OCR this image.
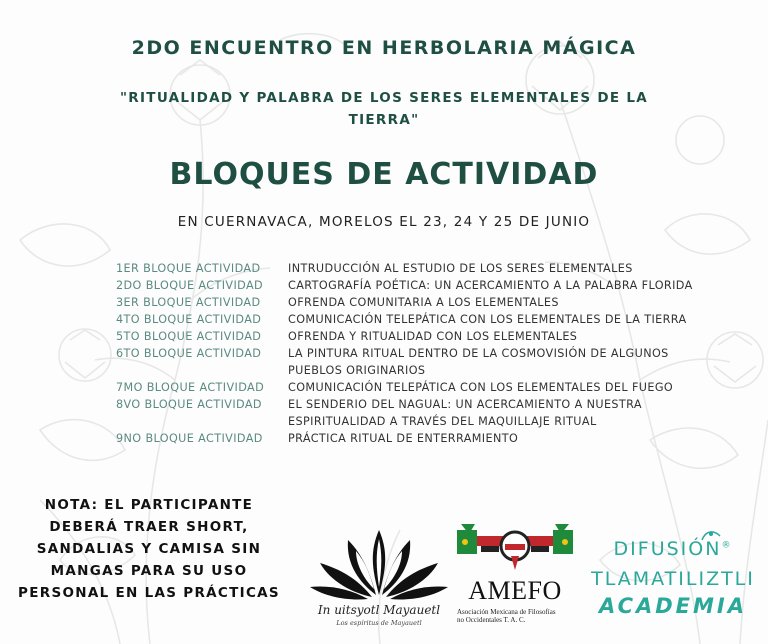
2DO ENCUENTRO EN HERBOLARIA MÁGICA
"RITUALIDAD Y PALABRA DE LOS SERES ELEMENTALES DE LA TIERRA"
BLOQUES DE ACTIVIDAD
EN CUERNAVACA, MORELOS EL 23, 24 Y 25 DE JUNIO
1ER BLOQUE ACTIVIDAD	INTRUDUCCIÓN AL ESTUDIO DE LOS SERES ELEMENTALES
2DO BLOQUE ACTIVIDAD	CARTOGRAFÍA POÉTICA: UN ACERCAMIENTO A LA PALABRA FLORIDA
3ER BLOQUE ACTIVIDAD	OFRENDA COMUNITARIA A LOS ELEMENTALES
4TO BLOQUE ACTIVIDAD	COMUNICACIÓN TELEPÁTICA CON LOS ELEMENTALES DE LA TIERRA
5TO BLOQUE ACTIVIDAD	OFRENDA Y RITUALIDAD CON LOS ELEMENTALES
6TO BLOQUE ACTIVIDAD	LA PINTURA RITUAL DENTRO DE LA COSMOVISIÓN DE ALGUNOS
PUEBLOS ORIGINARIOS
7MO BLOQUE ACTIVIDAD	COMUNICACIÓN TELEPÁTICA CON LOS ELEMENTALES DEL FUEGO
8VO BLOQUE ACTIVIDAD	EL SENDERIO DEL NAGUAL: UN ACERCAMIENTO A NUESTRA
ESPIRITUALIDAD A TRAVÉS DEL MAQUILLAJE RITUAL
9NO BLOQUE ACTIVIDAD	PRÁCTICA RITUAL DE ENTERRAMIENTO
NOTA: EL PARTICIPANTE
DEBERÁ TRAER SHORT,
SANDALIAS Y CAMISA SIN
MANGAS PARA SU USO
PERSONAL EN LAS PRÁCTICAS
In uitsyotl Mayauetl
Los espíritus de Mayauetl
AMEFO
Asociación Mexicana de Filosofías
no Occidentales T. A. C.
DIFUSIÓN®
TLAMATILIZTLI
ACADEMIA
